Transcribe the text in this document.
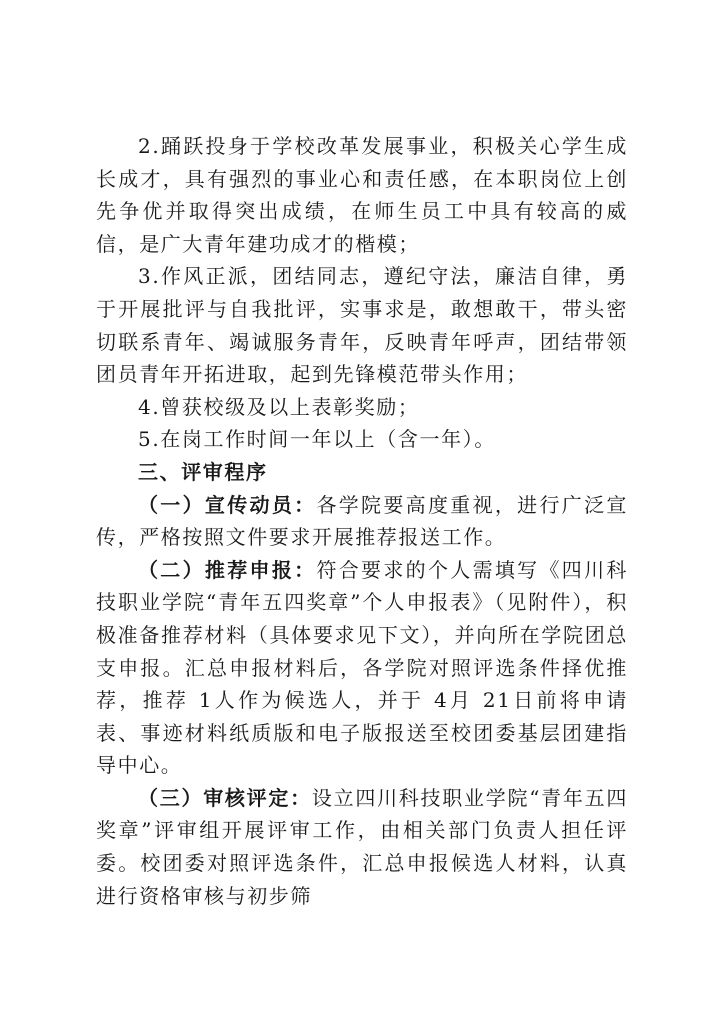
2.踊跃投身于学校改革发展事业，积极关心学生成长成才，具有强烈的事业心和责任感，在本职岗位上创先争优并取得突出成绩，在师生员工中具有较高的威信，是广大青年建功成才的楷模；

3.作风正派，团结同志，遵纪守法，廉洁自律，勇于开展批评与自我批评，实事求是，敢想敢干，带头密切联系青年、竭诚服务青年，反映青年呼声，团结带领团员青年开拓进取，起到先锋模范带头作用；

4.曾获校级及以上表彰奖励；

5.在岗工作时间一年以上（含一年）。

三、评审程序

（一）宣传动员：各学院要高度重视，进行广泛宣传，严格按照文件要求开展推荐报送工作。

（二）推荐申报：符合要求的个人需填写《四川科技职业学院“青年五四奖章”个人申报表》（见附件），积极准备推荐材料（具体要求见下文），并向所在学院团总支申报。汇总申报材料后，各学院对照评选条件择优推荐，推荐 1人作为候选人，并于 4月 21日前将申请表、事迹材料纸质版和电子版报送至校团委基层团建指导中心。

（三）审核评定：设立四川科技职业学院“青年五四奖章”评审组开展评审工作，由相关部门负责人担任评委。校团委对照评选条件，汇总申报候选人材料，认真进行资格审核与初步筛
